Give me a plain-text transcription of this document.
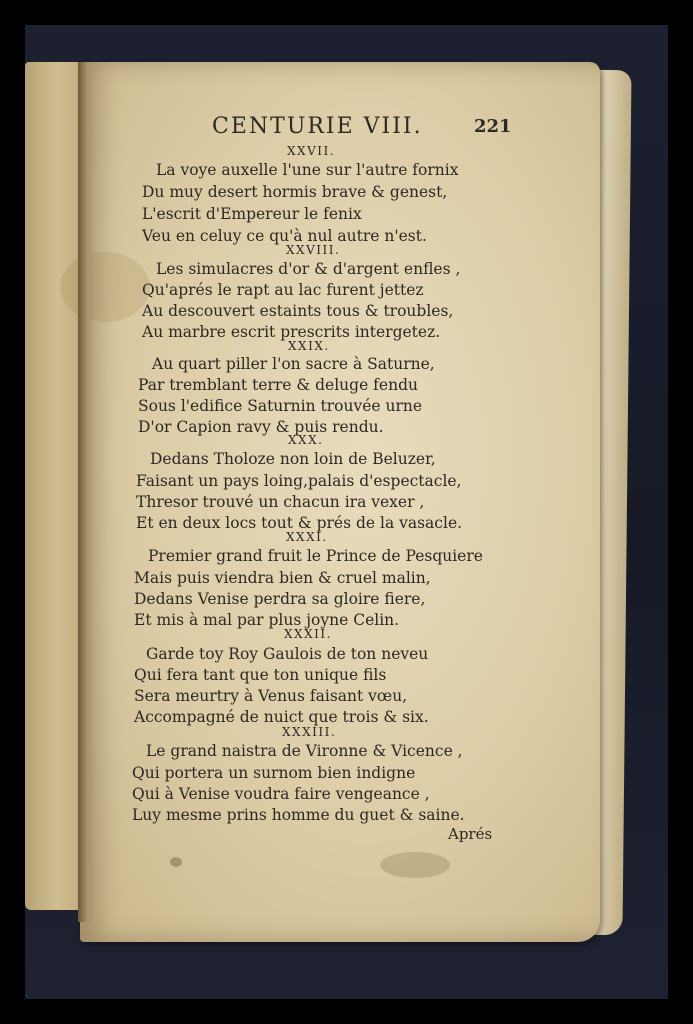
CENTURIE VIII.	221
XXVII.
La voye auxelle l'une sur l'autre fornix
Du muy desert hormis brave & genest,
L'escrit d'Empereur le fenix
Veu en celuy ce qu'à nul autre n'est.
XXVIII.
Les simulacres d'or & d'argent enfles ,
Qu'aprés le rapt au lac furent jettez
Au descouvert estaints tous & troubles,
Au marbre escrit prescrits intergetez.
XXIX.
Au quart piller l'on sacre à Saturne,
Par tremblant terre & deluge fendu
Sous l'edifice Saturnin trouvée urne
D'or Capion ravy & puis rendu.
XXX.
Dedans Tholoze non loin de Beluzer,
Faisant un pays loing,palais d'espectacle,
Thresor trouvé un chacun ira vexer ,
Et en deux locs tout & prés de la vasacle.
XXXI.
Premier grand fruit le Prince de Pesquiere
Mais puis viendra bien & cruel malin,
Dedans Venise perdra sa gloire fiere,
Et mis à mal par plus joyne Celin.
XXXII.
Garde toy Roy Gaulois de ton neveu
Qui fera tant que ton unique fils
Sera meurtry à Venus faisant vœu,
Accompagné de nuict que trois & six.
XXXIII.
Le grand naistra de Vironne & Vicence ,
Qui portera un surnom bien indigne
Qui à Venise voudra faire vengeance ,
Luy mesme prins homme du guet & saine.
Aprés
